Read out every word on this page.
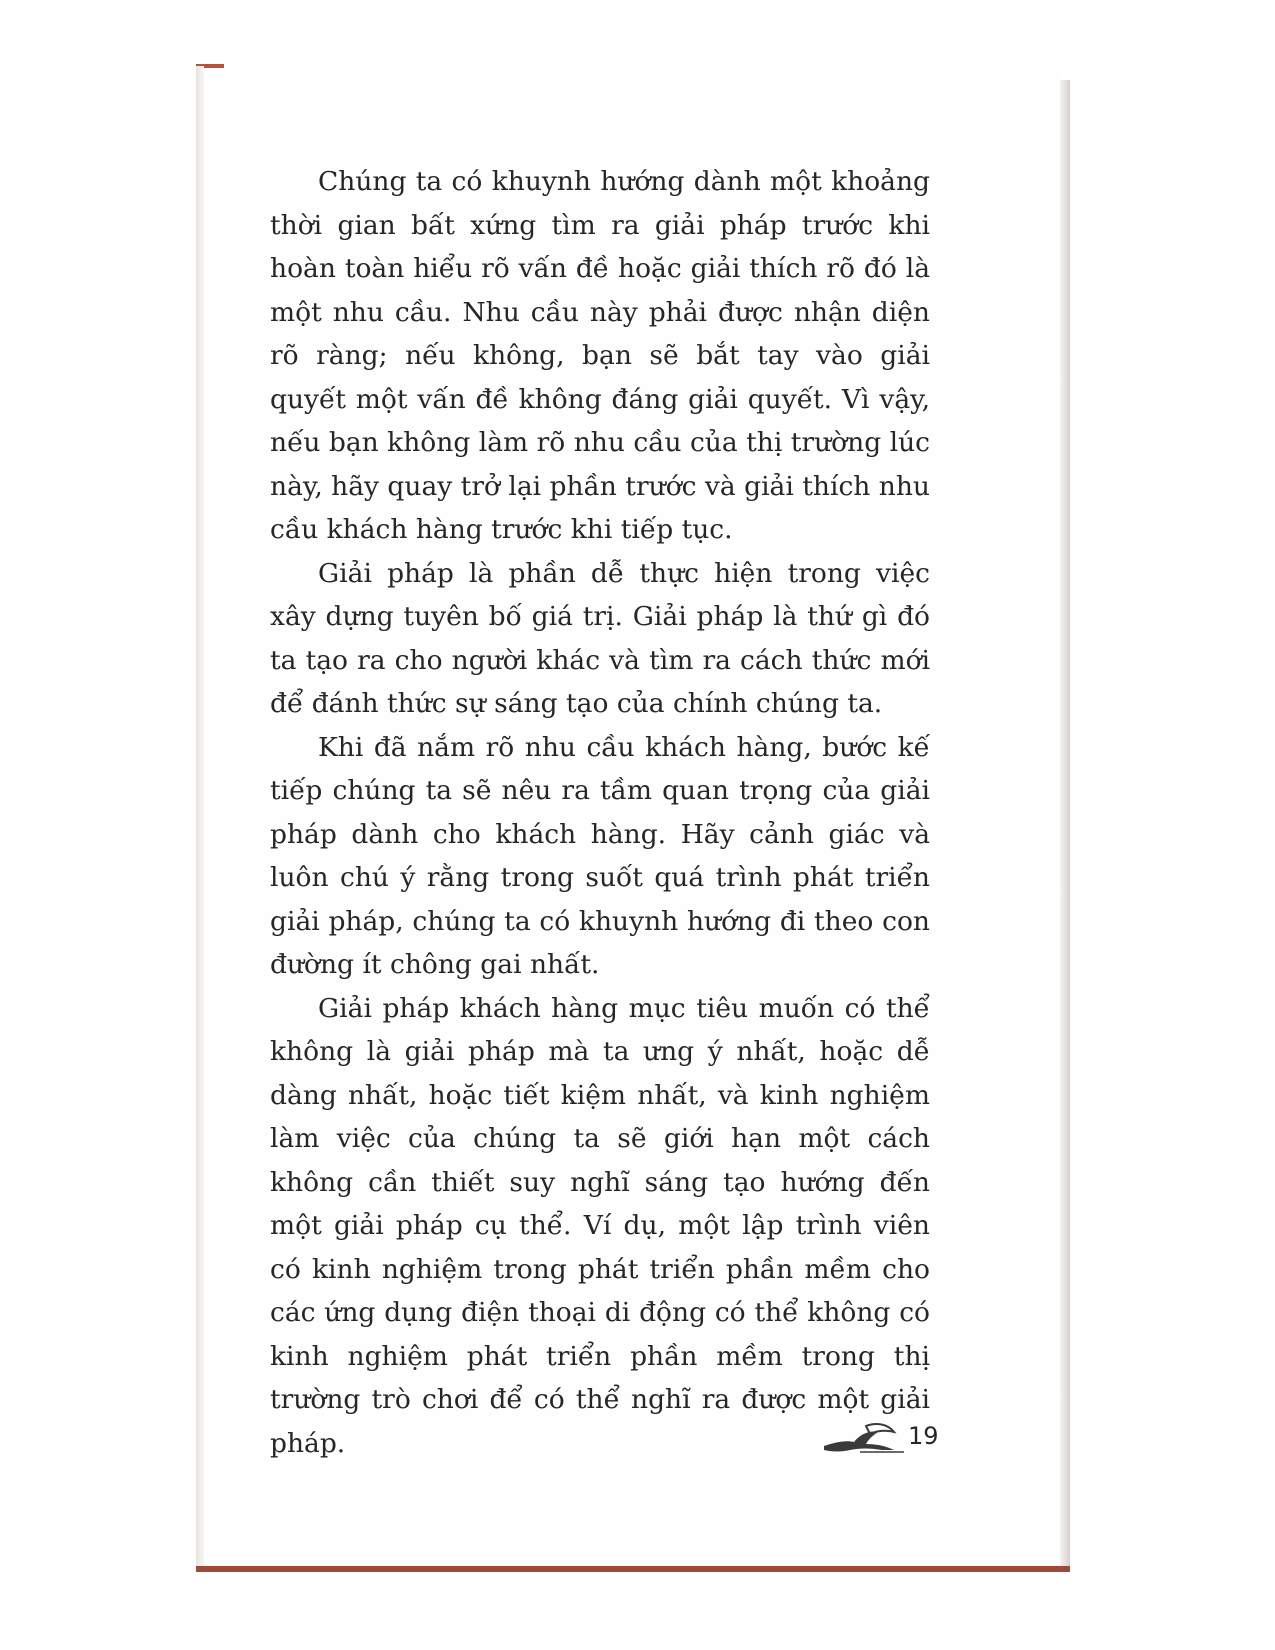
Chúng ta có khuynh hướng dành một khoảng thời gian bất xứng tìm ra giải pháp trước khi hoàn toàn hiểu rõ vấn đề hoặc giải thích rõ đó là một nhu cầu. Nhu cầu này phải được nhận diện rõ ràng; nếu không, bạn sẽ bắt tay vào giải quyết một vấn đề không đáng giải quyết. Vì vậy, nếu bạn không làm rõ nhu cầu của thị trường lúc này, hãy quay trở lại phần trước và giải thích nhu cầu khách hàng trước khi tiếp tục.

Giải pháp là phần dễ thực hiện trong việc xây dựng tuyên bố giá trị. Giải pháp là thứ gì đó ta tạo ra cho người khác và tìm ra cách thức mới để đánh thức sự sáng tạo của chính chúng ta.

Khi đã nắm rõ nhu cầu khách hàng, bước kế tiếp chúng ta sẽ nêu ra tầm quan trọng của giải pháp dành cho khách hàng. Hãy cảnh giác và luôn chú ý rằng trong suốt quá trình phát triển giải pháp, chúng ta có khuynh hướng đi theo con đường ít chông gai nhất.

Giải pháp khách hàng mục tiêu muốn có thể không là giải pháp mà ta ưng ý nhất, hoặc dễ dàng nhất, hoặc tiết kiệm nhất, và kinh nghiệm làm việc của chúng ta sẽ giới hạn một cách không cần thiết suy nghĩ sáng tạo hướng đến một giải pháp cụ thể. Ví dụ, một lập trình viên có kinh nghiệm trong phát triển phần mềm cho các ứng dụng điện thoại di động có thể không có kinh nghiệm phát triển phần mềm trong thị trường trò chơi để có thể nghĩ ra được một giải pháp.	19
